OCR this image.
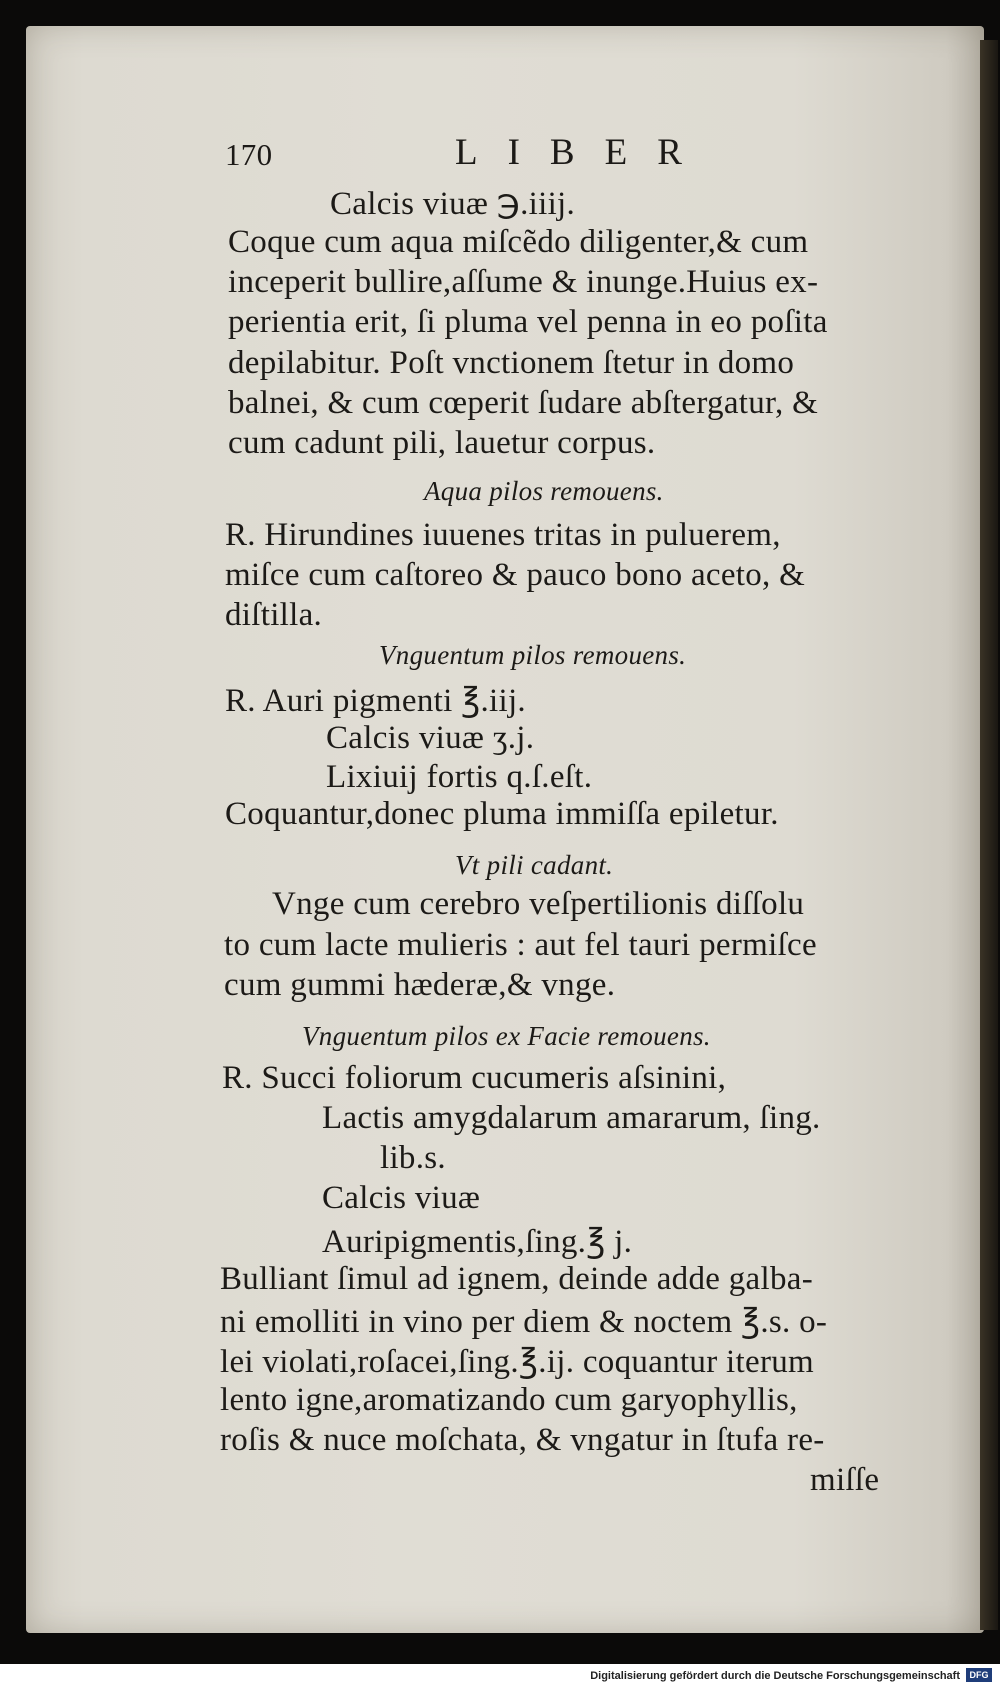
170	LIBER
Calcis viuæ ℈.iiij.
Coque cum aqua miſcẽdo diligenter,& cum
inceperit bullire,aſſume & inunge.Huius ex-
perientia erit, ſi pluma vel penna in eo poſita
depilabitur. Poſt vnctionem ſtetur in domo
balnei, & cum cœperit ſudare abſtergatur, &
cum cadunt pili, lauetur corpus.
Aqua pilos remouens.
R. Hirundines iuuenes tritas in puluerem,
miſce cum caſtoreo & pauco bono aceto, &
diſtilla.
Vnguentum pilos remouens.
R. Auri pigmenti ℥.iij.
Calcis viuæ ʒ.j.
Lixiuij fortis q.ſ.eſt.
Coquantur,donec pluma immiſſa epiletur.
Vt pili cadant.
Vnge cum cerebro veſpertilionis diſſolu
to cum lacte mulieris : aut fel tauri permiſce
cum gummi hæderæ,& vnge.
Vnguentum pilos ex Facie remouens.
R. Succi foliorum cucumeris aſsinini,
Lactis amygdalarum amararum, ſing.
lib.s.
Calcis viuæ
Auripigmentis,ſing.℥ j.
Bulliant ſimul ad ignem, deinde adde galba-
ni emolliti in vino per diem & noctem ℥.s. o-
lei violati,roſacei,ſing.℥.ij. coquantur iterum
lento igne,aromatizando cum garyophyllis,
roſis & nuce moſchata, & vngatur in ſtufa re-
miſſe
Digitalisierung gefördert durch die Deutsche Forschungsgemeinschaft	DFG
